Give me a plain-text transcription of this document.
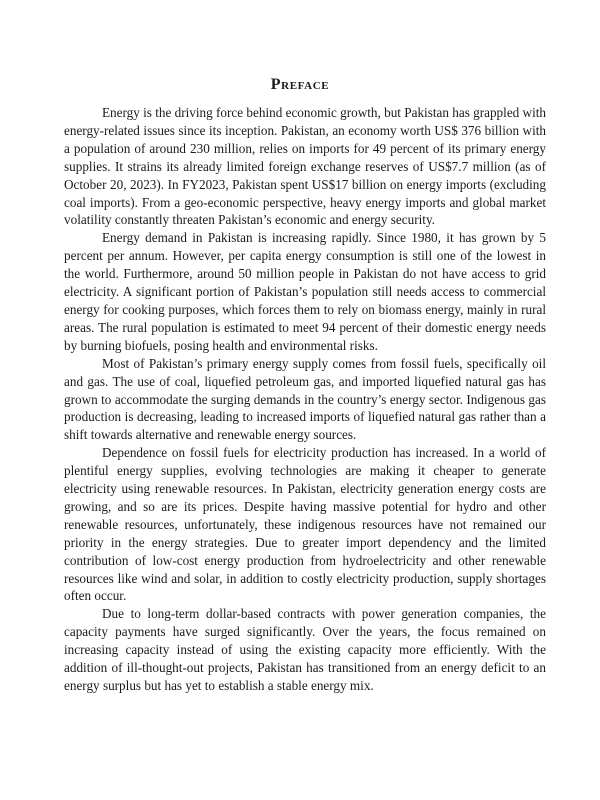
Preface

Energy is the driving force behind economic growth, but Pakistan has grappled with energy-related issues since its inception. Pakistan, an economy worth US$ 376 billion with a population of around 230 million, relies on imports for 49 percent of its primary energy supplies. It strains its already limited foreign exchange reserves of US$7.7 million (as of October 20, 2023). In FY2023, Pakistan spent US$17 billion on energy imports (excluding coal imports). From a geo-economic perspective, heavy energy imports and global market volatility constantly threaten Pakistan’s economic and energy security.

Energy demand in Pakistan is increasing rapidly. Since 1980, it has grown by 5 percent per annum. However, per capita energy consumption is still one of the lowest in the world. Furthermore, around 50 million people in Pakistan do not have access to grid electricity. A significant portion of Pakistan’s population still needs access to commercial energy for cooking purposes, which forces them to rely on biomass energy, mainly in rural areas. The rural population is estimated to meet 94 percent of their domestic energy needs by burning biofuels, posing health and environmental risks.

Most of Pakistan’s primary energy supply comes from fossil fuels, specifically oil and gas. The use of coal, liquefied petroleum gas, and imported liquefied natural gas has grown to accommodate the surging demands in the country’s energy sector. Indigenous gas production is decreasing, leading to increased imports of liquefied natural gas rather than a shift towards alternative and renewable energy sources.

Dependence on fossil fuels for electricity production has increased. In a world of plentiful energy supplies, evolving technologies are making it cheaper to generate electricity using renewable resources. In Pakistan, electricity generation energy costs are growing, and so are its prices. Despite having massive potential for hydro and other renewable resources, unfortunately, these indigenous resources have not remained our priority in the energy strategies. Due to greater import dependency and the limited contribution of low-cost energy production from hydroelectricity and other renewable resources like wind and solar, in addition to costly electricity production, supply shortages often occur.

Due to long-term dollar-based contracts with power generation companies, the capacity payments have surged significantly. Over the years, the focus remained on increasing capacity instead of using the existing capacity more efficiently. With the addition of ill-thought-out projects, Pakistan has transitioned from an energy deficit to an energy surplus but has yet to establish a stable energy mix.
